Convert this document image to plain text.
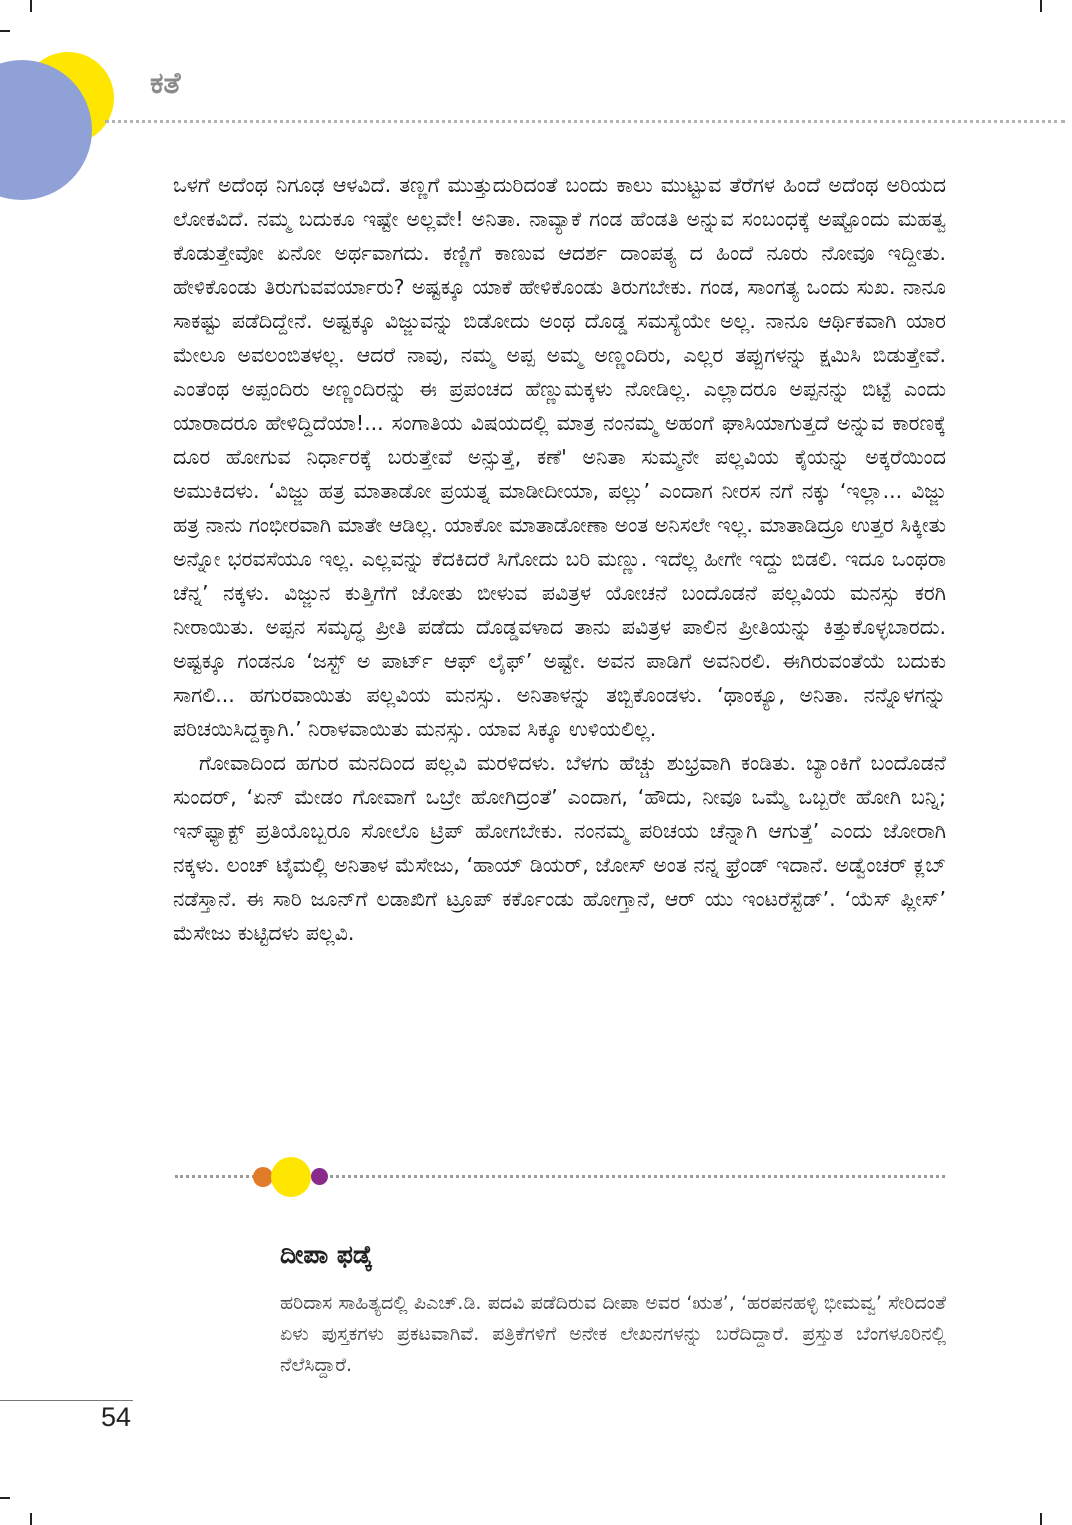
ಕತೆ

ಒಳಗೆ ಅದೆಂಥ ನಿಗೂಢ ಆಳವಿದೆ. ತಣ್ಣಗೆ ಮುತ್ತುದುರಿದಂತೆ ಬಂದು ಕಾಲು ಮುಟ್ಟುವ ತೆರೆಗಳ ಹಿಂದೆ ಅದೆಂಥ ಅರಿಯದ ಲೋಕವಿದೆ. ನಮ್ಮ ಬದುಕೂ ಇಷ್ಟೇ ಅಲ್ಲವೇ! ಅನಿತಾ. ನಾವ್ಯಾಕೆ ಗಂಡ ಹೆಂಡತಿ ಅನ್ನುವ ಸಂಬಂಧಕ್ಕೆ ಅಷ್ಟೊಂದು ಮಹತ್ವ ಕೊಡುತ್ತೇವೋ ಏನೋ ಅರ್ಥವಾಗದು. ಕಣ್ಣಿಗೆ ಕಾಣುವ ಆದರ್ಶ ದಾಂಪತ್ಯ ದ ಹಿಂದೆ ನೂರು ನೋವೂ ಇದ್ದೀತು. ಹೇಳಿಕೊಂಡು ತಿರುಗುವವರ್ಯಾರು? ಅಷ್ಟಕ್ಕೂ ಯಾಕೆ ಹೇಳಿಕೊಂಡು ತಿರುಗಬೇಕು. ಗಂಡ, ಸಾಂಗತ್ಯ ಒಂದು ಸುಖ. ನಾನೂ ಸಾಕಷ್ಟು ಪಡೆದಿದ್ದೇನೆ. ಅಷ್ಟಕ್ಕೂ ವಿಜ್ಜುವನ್ನು ಬಿಡೋದು ಅಂಥ ದೊಡ್ಡ ಸಮಸ್ಯೆಯೇ ಅಲ್ಲ. ನಾನೂ ಆರ್ಥಿಕವಾಗಿ ಯಾರ ಮೇಲೂ ಅವಲಂಬಿತಳಲ್ಲ. ಆದರೆ ನಾವು, ನಮ್ಮ ಅಪ್ಪ ಅಮ್ಮ ಅಣ್ಣಂದಿರು, ಎಲ್ಲರ ತಪ್ಪುಗಳನ್ನು ಕ್ಷಮಿಸಿ ಬಿಡುತ್ತೇವೆ. ಎಂತೆಂಥ ಅಪ್ಪಂದಿರು ಅಣ್ಣಂದಿರನ್ನು ಈ ಪ್ರಪಂಚದ ಹೆಣ್ಣುಮಕ್ಕಳು ನೋಡಿಲ್ಲ. ಎಲ್ಲಾದರೂ ಅಪ್ಪನನ್ನು ಬಿಟ್ಟೆ ಎಂದು ಯಾರಾದರೂ ಹೇಳಿದ್ದಿದೆಯಾ!... ಸಂಗಾತಿಯ ವಿಷಯದಲ್ಲಿ ಮಾತ್ರ ನಂನಮ್ಮ ಅಹಂಗೆ ಘಾಸಿಯಾಗುತ್ತದೆ ಅನ್ನುವ ಕಾರಣಕ್ಕೆ ದೂರ ಹೋಗುವ ನಿರ್ಧಾರಕ್ಕೆ ಬರುತ್ತೇವೆ ಅನ್ಸುತ್ತೆ, ಕಣೆ' ಅನಿತಾ ಸುಮ್ಮನೇ ಪಲ್ಲವಿಯ ಕೈಯನ್ನು ಅಕ್ಕರೆಯಿಂದ ಅಮುಕಿದಳು. ‘ವಿಜ್ಜು ಹತ್ರ ಮಾತಾಡೋ ಪ್ರಯತ್ನ ಮಾಡೀದೀಯಾ, ಪಲ್ಲು’ ಎಂದಾಗ ನೀರಸ ನಗೆ ನಕ್ಕು ‘ಇಲ್ಲಾ... ವಿಜ್ಜು ಹತ್ರ ನಾನು ಗಂಭೀರವಾಗಿ ಮಾತೇ ಆಡಿಲ್ಲ. ಯಾಕೋ ಮಾತಾಡೋಣಾ ಅಂತ ಅನಿಸಲೇ ಇಲ್ಲ. ಮಾತಾಡಿದ್ರೂ ಉತ್ತರ ಸಿಕ್ಕೀತು ಅನ್ನೋ ಭರವಸೆಯೂ ಇಲ್ಲ. ಎಲ್ಲವನ್ನು ಕೆದಕಿದರೆ ಸಿಗೋದು ಬರಿ ಮಣ್ಣು. ಇದೆಲ್ಲ ಹೀಗೇ ಇದ್ದು ಬಿಡಲಿ. ಇದೂ ಒಂಥರಾ ಚೆನ್ನ’ ನಕ್ಕಳು. ವಿಜ್ಜುನ ಕುತ್ತಿಗೆಗೆ ಜೋತು ಬೀಳುವ ಪವಿತ್ರಳ ಯೋಚನೆ ಬಂದೊಡನೆ ಪಲ್ಲವಿಯ ಮನಸ್ಸು ಕರಗಿ ನೀರಾಯಿತು. ಅಪ್ಪನ ಸಮೃದ್ಧ ಪ್ರೀತಿ ಪಡೆದು ದೊಡ್ಡವಳಾದ ತಾನು ಪವಿತ್ರಳ ಪಾಲಿನ ಪ್ರೀತಿಯನ್ನು ಕಿತ್ತುಕೊಳ್ಳಬಾರದು. ಅಷ್ಟಕ್ಕೂ ಗಂಡನೂ ‘ಜಸ್ಟ್ ಅ ಪಾರ್ಟ್ ಆಫ್ ಲೈಫ್’ ಅಷ್ಟೇ. ಅವನ ಪಾಡಿಗೆ ಅವನಿರಲಿ. ಈಗಿರುವಂತೆಯೆ ಬದುಕು ಸಾಗಲಿ... ಹಗುರವಾಯಿತು ಪಲ್ಲವಿಯ ಮನಸ್ಸು. ಅನಿತಾಳನ್ನು ತಬ್ಬಿಕೊಂಡಳು. ‘ಥಾಂಕ್ಯೂ, ಅನಿತಾ. ನನ್ನೊಳಗನ್ನು ಪರಿಚಯಿಸಿದ್ದಕ್ಕಾಗಿ.’ ನಿರಾಳವಾಯಿತು ಮನಸ್ಸು. ಯಾವ ಸಿಕ್ಕೂ ಉಳಿಯಲಿಲ್ಲ.

ಗೋವಾದಿಂದ ಹಗುರ ಮನದಿಂದ ಪಲ್ಲವಿ ಮರಳಿದಳು. ಬೆಳಗು ಹೆಚ್ಚು ಶುಭ್ರವಾಗಿ ಕಂಡಿತು. ಬ್ಯಾಂಕಿಗೆ ಬಂದೊಡನೆ ಸುಂದರ್, ‘ಏನ್ ಮೇಡಂ ಗೋವಾಗೆ ಒಬ್ರೇ ಹೋಗಿದ್ರಂತೆ’ ಎಂದಾಗ, ‘ಹೌದು, ನೀವೂ ಒಮ್ಮೆ ಒಬ್ಬರೇ ಹೋಗಿ ಬನ್ನಿ; ಇನ್‌ಫ್ಯಾಕ್ಟ್ ಪ್ರತಿಯೊಬ್ಬರೂ ಸೋಲೊ ಟ್ರಿಪ್ ಹೋಗಬೇಕು. ನಂನಮ್ಮ ಪರಿಚಯ ಚೆನ್ನಾಗಿ ಆಗುತ್ತೆ’ ಎಂದು ಜೋರಾಗಿ ನಕ್ಕಳು. ಲಂಚ್ ಟೈಮಲ್ಲಿ ಅನಿತಾಳ ಮೆಸೇಜು, ‘ಹಾಯ್ ಡಿಯರ್, ಜೋಸ್ ಅಂತ ನನ್ನ ಫ್ರೆಂಡ್ ಇದಾನೆ. ಅಡ್ವೆಂಚರ್ ಕ್ಲಬ್ ನಡೆಸ್ತಾನೆ. ಈ ಸಾರಿ ಜೂನ್‌ಗೆ ಲಡಾಖಿಗೆ ಟ್ರೂಪ್ ಕರ್ಕೊಂಡು ಹೋಗ್ತಾನೆ, ಆರ್ ಯು ಇಂಟರೆಸ್ಟೆಡ್’. ‘ಯೆಸ್ ಪ್ಲೀಸ್’ ಮೆಸೇಜು ಕುಟ್ಟಿದಳು ಪಲ್ಲವಿ.

ದೀಪಾ ಫಡ್ಕೆ

ಹರಿದಾಸ ಸಾಹಿತ್ಯದಲ್ಲಿ ಪಿಎಚ್.ಡಿ. ಪದವಿ ಪಡೆದಿರುವ ದೀಪಾ ಅವರ ‘ಋತ’, ‘ಹರಪನಹಳ್ಳಿ ಭೀಮವ್ವ’ ಸೇರಿದಂತೆ ಏಳು ಪುಸ್ತಕಗಳು ಪ್ರಕಟವಾಗಿವೆ. ಪತ್ರಿಕೆಗಳಿಗೆ ಅನೇಕ ಲೇಖನಗಳನ್ನು ಬರೆದಿದ್ದಾರೆ. ಪ್ರಸ್ತುತ ಬೆಂಗಳೂರಿನಲ್ಲಿ ನೆಲೆಸಿದ್ದಾರೆ.

54
